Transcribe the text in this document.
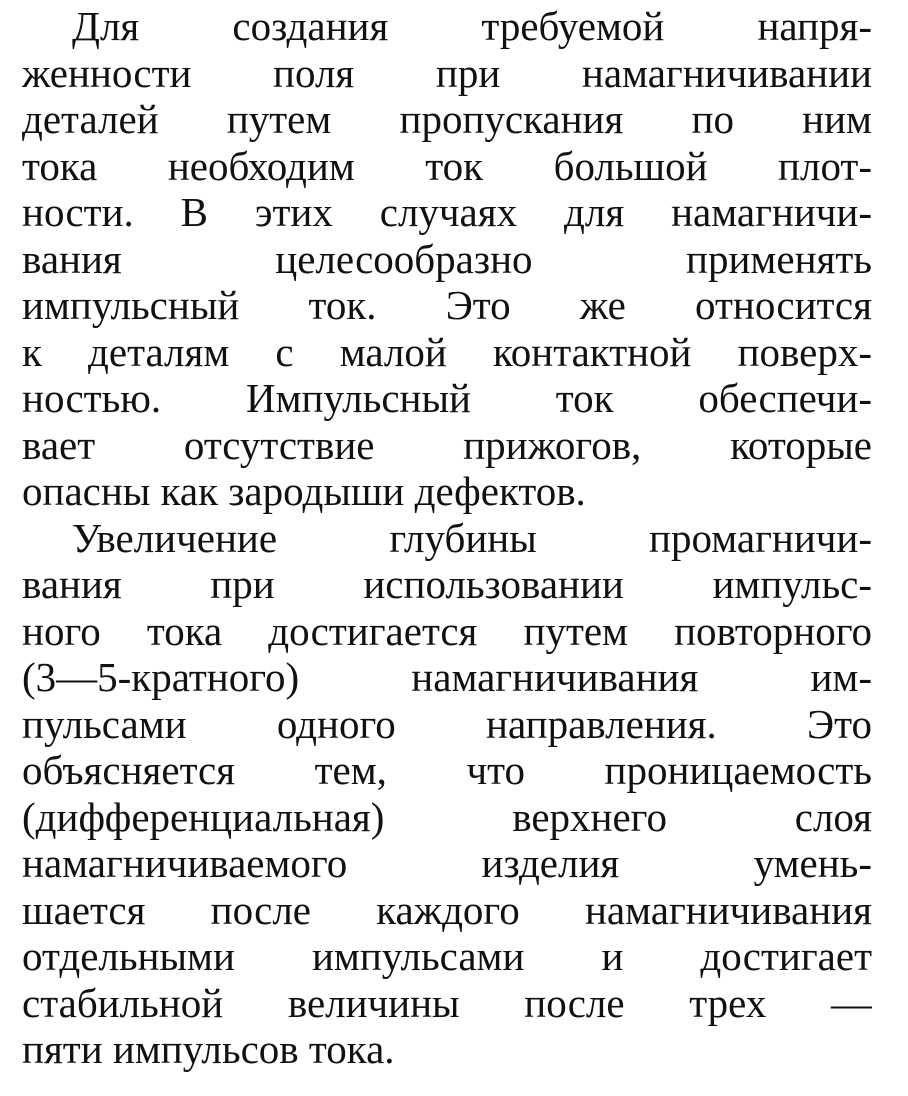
Для создания требуемой напря-
женности поля при намагничивании
деталей путем пропускания по ним
тока необходим ток большой плот-
ности. В этих случаях для намагничи-
вания целесообразно применять
импульсный ток. Это же относится
к деталям с малой контактной поверх-
ностью. Импульсный ток обеспечи-
вает отсутствие прижогов, которые
опасны как зародыши дефектов.
Увеличение глубины промагничи-
вания при использовании импульс-
ного тока достигается путем повторного
(3—5-кратного) намагничивания им-
пульсами одного направления. Это
объясняется тем, что проницаемость
(дифференциальная) верхнего слоя
намагничиваемого изделия умень-
шается после каждого намагничивания
отдельными импульсами и достигает
стабильной величины после трех —
пяти импульсов тока.
